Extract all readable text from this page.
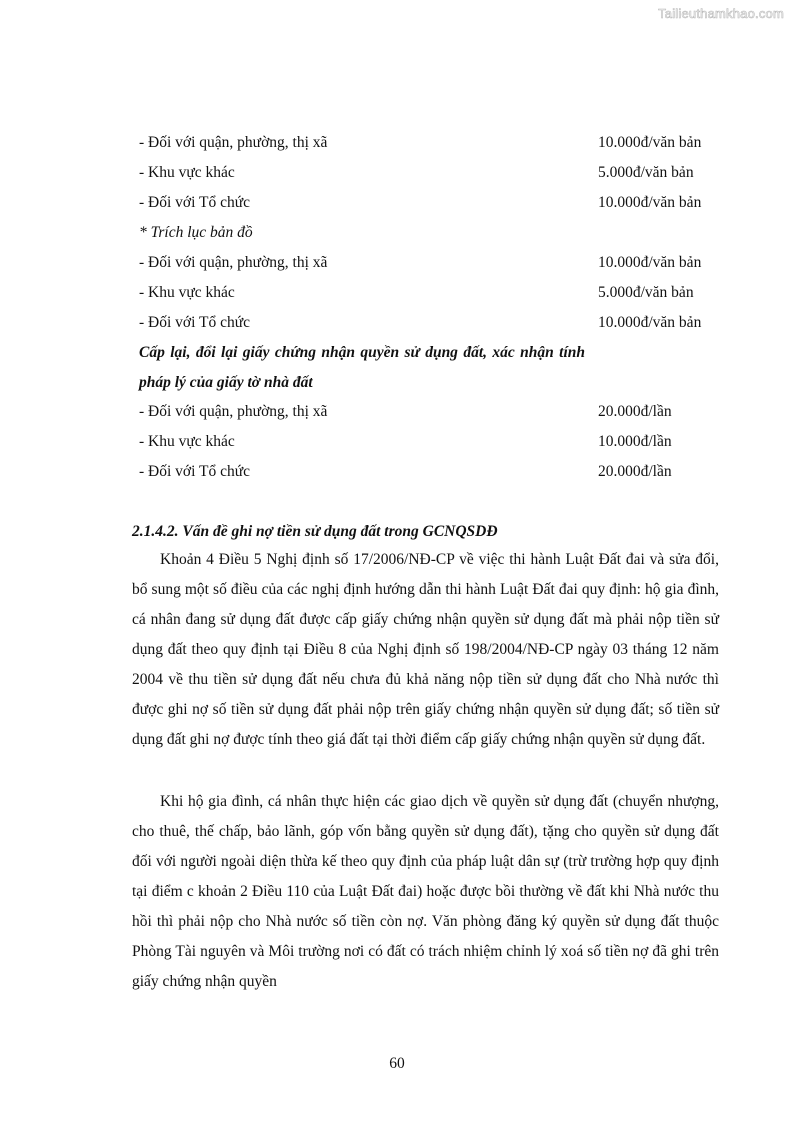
Tailieuthamkhao.com
- Đối với quận, phường, thị xã	10.000đ/văn bản
- Khu vực khác	5.000đ/văn bản
- Đối với Tổ chức	10.000đ/văn bản
* Trích lục bản đồ
- Đối với quận, phường, thị xã	10.000đ/văn bản
- Khu vực khác	5.000đ/văn bản
- Đối với Tổ chức	10.000đ/văn bản
Cấp lại, đổi lại giấy chứng nhận quyền sử dụng đất, xác nhận tính pháp lý của giấy tờ nhà đất
- Đối với quận, phường, thị xã	20.000đ/lần
- Khu vực khác	10.000đ/lần
- Đối với Tổ chức	20.000đ/lần
2.1.4.2. Vấn đề ghi nợ tiền sử dụng đất trong GCNQSDĐ

Khoản 4 Điều 5 Nghị định số 17/2006/NĐ-CP về việc thi hành Luật Đất đai và sửa đổi, bổ sung một số điều của các nghị định hướng dẫn thi hành Luật Đất đai quy định: hộ gia đình, cá nhân đang sử dụng đất được cấp giấy chứng nhận quyền sử dụng đất mà phải nộp tiền sử dụng đất theo quy định tại Điều 8 của Nghị định số 198/2004/NĐ-CP ngày 03 tháng 12 năm 2004 về thu tiền sử dụng đất nếu chưa đủ khả năng nộp tiền sử dụng đất cho Nhà nước thì được ghi nợ số tiền sử dụng đất phải nộp trên giấy chứng nhận quyền sử dụng đất; số tiền sử dụng đất ghi nợ được tính theo giá đất tại thời điểm cấp giấy chứng nhận quyền sử dụng đất.

Khi hộ gia đình, cá nhân thực hiện các giao dịch về quyền sử dụng đất (chuyển nhượng, cho thuê, thế chấp, bảo lãnh, góp vốn bằng quyền sử dụng đất), tặng cho quyền sử dụng đất đối với người ngoài diện thừa kế theo quy định của pháp luật dân sự (trừ trường hợp quy định tại điểm c khoản 2 Điều 110 của Luật Đất đai) hoặc được bồi thường về đất khi Nhà nước thu hồi thì phải nộp cho Nhà nước số tiền còn nợ. Văn phòng đăng ký quyền sử dụng đất thuộc Phòng Tài nguyên và Môi trường nơi có đất có trách nhiệm chỉnh lý xoá số tiền nợ đã ghi trên giấy chứng nhận quyền

60
